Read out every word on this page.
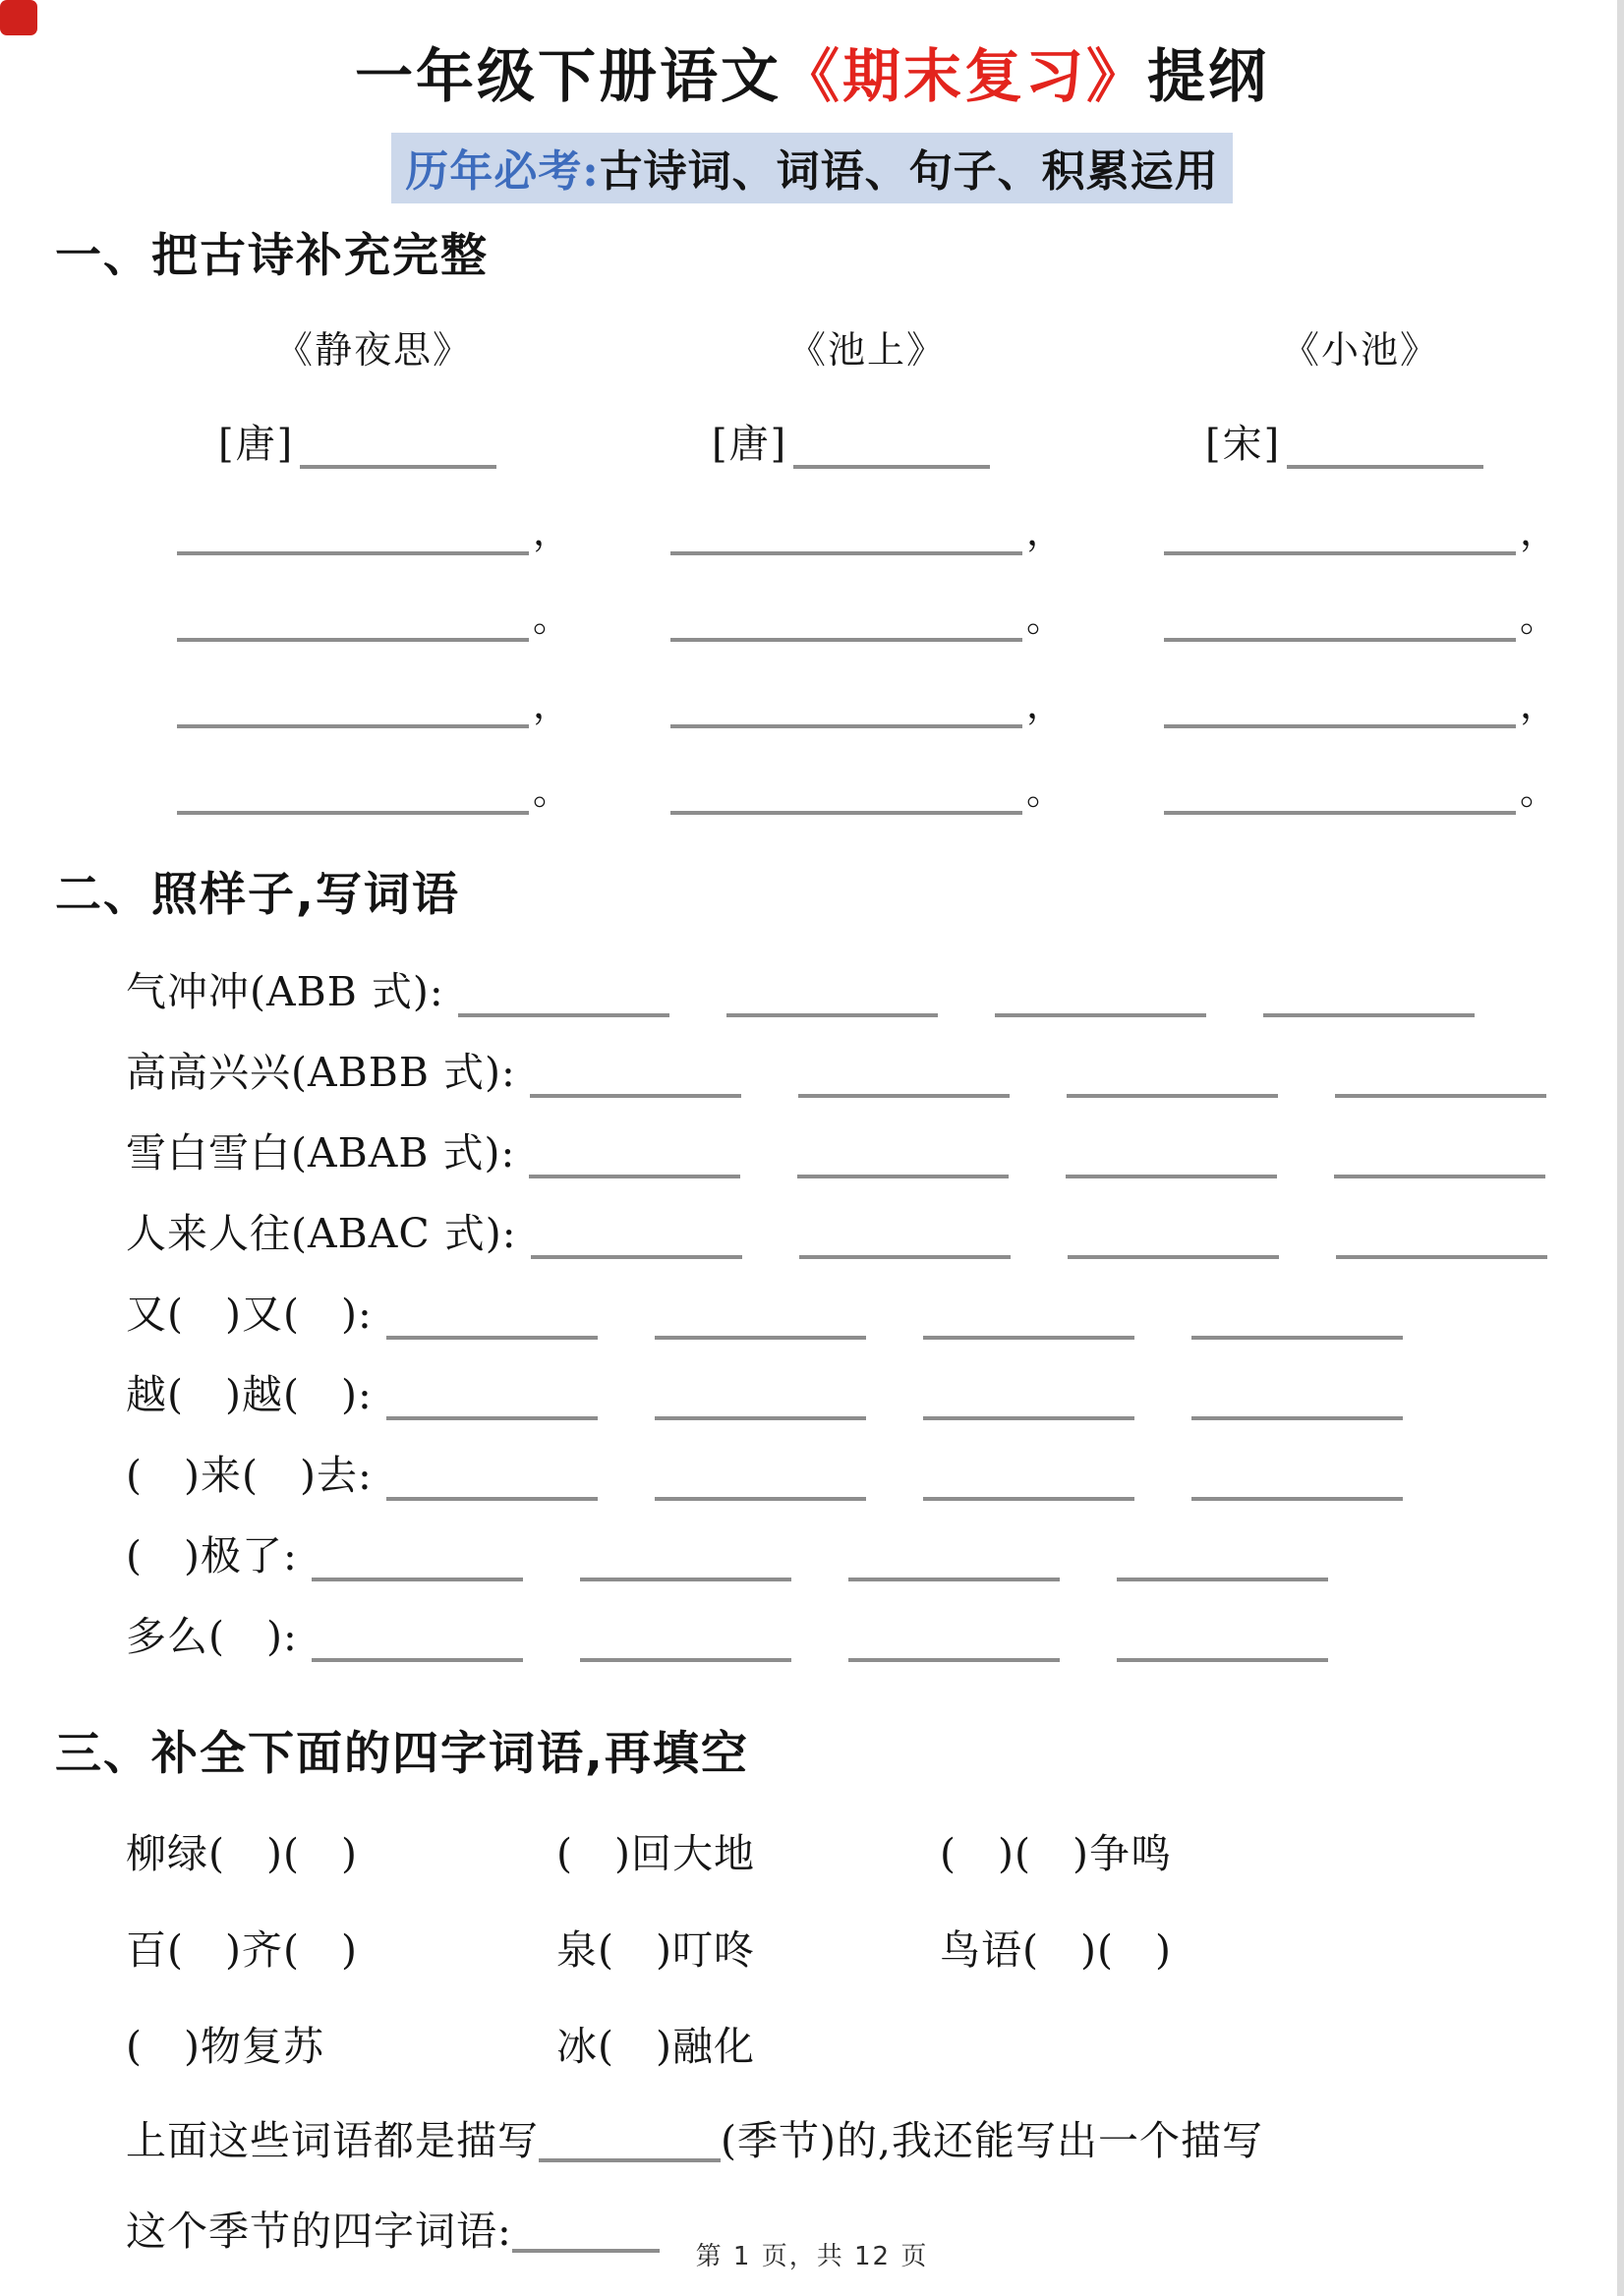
一年级下册语文《期末复习》提纲
历年必考:古诗词、词语、句子、积累运用
一、把古诗补充完整
《静夜思》
[唐]
，
。
，
。
《池上》
[唐]
，
。
，
。
《小池》
[宋]
，
。
，
。
二、照样子,写词语
气冲冲(ABB 式):
高高兴兴(ABBB 式):
雪白雪白(ABAB 式):
人来人往(ABAC 式):
又(　)又(　):
越(　)越(　):
(　)来(　)去:
(　)极了:
多么(　):
三、补全下面的四字词语,再填空
柳绿(　)(　)	(　)回大地	(　)(　)争鸣
百(　)齐(　)	泉(　)叮咚	鸟语(　)(　)
(　)物复苏	冰(　)融化
上面这些词语都是描写	(季节)的,我还能写出一个描写
这个季节的四字词语:
第 1 页，共 12 页
